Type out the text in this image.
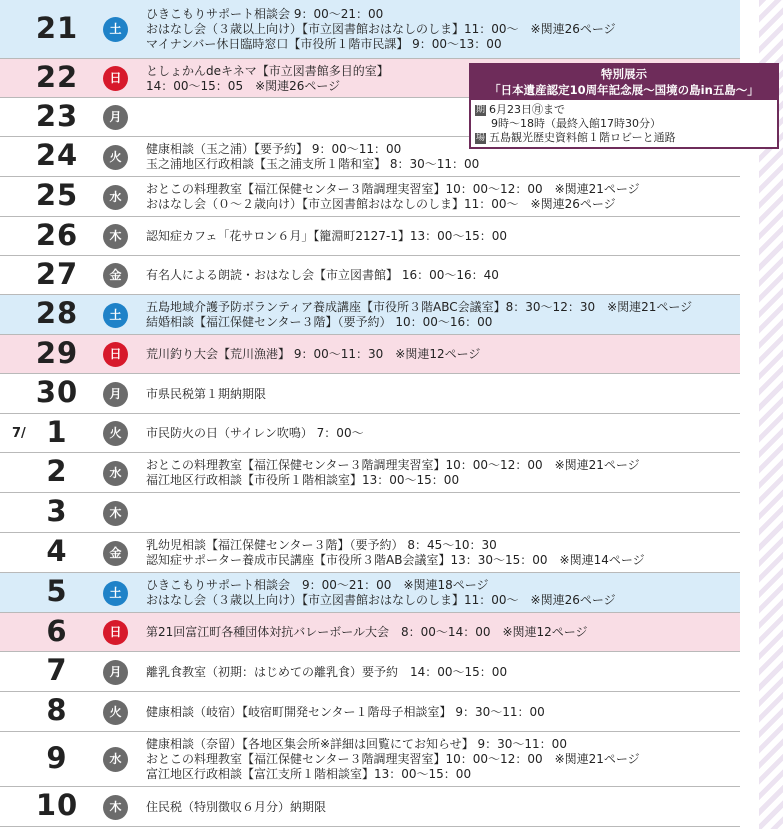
21	土
ひきこもりサポート相談会 9：00〜21：00
おはなし会（３歳以上向け）【市立図書館おはなしのしま】11：00〜　※関連26ページ
マイナンバー休日臨時窓口【市役所１階市民課】 9：00〜13：00
22	日
としょかんdeキネマ【市立図書館多目的室】
14：00〜15：05　※関連26ページ
23	月
24	火
健康相談（玉之浦）【要予約】 9：00〜11：00
玉之浦地区行政相談【玉之浦支所１階和室】 8：30〜11：00
25	水
おとこの料理教室【福江保健センター３階調理実習室】10：00〜12：00　※関連21ページ
おはなし会（０〜２歳向け）【市立図書館おはなしのしま】11：00〜　※関連26ページ
26	木	認知症カフェ「花サロン６月」【籠淵町2127-1】13：00〜15：00
27	金	有名人による朗読・おはなし会【市立図書館】 16：00〜16：40
28	土
五島地域介護予防ボランティア養成講座【市役所３階ABC会議室】8：30〜12：30　※関連21ページ
結婚相談【福江保健センター３階】（要予約） 10：00〜16：00
29	日	荒川釣り大会【荒川漁港】 9：00〜11：30　※関連12ページ
30	月	市県民税第１期納期限
7/ 1	火	市民防火の日（サイレン吹鳴） 7：00〜
2	水
おとこの料理教室【福江保健センター３階調理実習室】10：00〜12：00　※関連21ページ
福江地区行政相談【市役所１階相談室】13：00〜15：00
3	木
4	金
乳幼児相談【福江保健センター３階】（要予約） 8：45〜10：30
認知症サポーター養成市民講座【市役所３階AB会議室】13：30〜15：00　※関連14ページ
5	土
ひきこもりサポート相談会　9：00〜21：00　※関連18ページ
おはなし会（３歳以上向け）【市立図書館おはなしのしま】11：00〜　※関連26ページ
6	日	第21回富江町各種団体対抗バレーボール大会　8：00〜14：00　※関連12ページ
7	月	離乳食教室（初期：はじめての離乳食）要予約　14：00〜15：00
8	火	健康相談（岐宿）【岐宿町開発センター１階母子相談室】 9：30〜11：00
9	水
健康相談（奈留）【各地区集会所※詳細は回覧にてお知らせ】 9：30〜11：00
おとこの料理教室【福江保健センター３階調理実習室】10：00〜12：00　※関連21ページ
富江地区行政相談【富江支所１階相談室】13：00〜15：00
10	木	住民税（特別徴収６月分）納期限
特別展示
「日本遺産認定10周年記念展〜国境の島in五島〜」
期 6月23日㊊まで
9時〜18時（最終入館17時30分）
場 五島観光歴史資料館１階ロビーと通路
